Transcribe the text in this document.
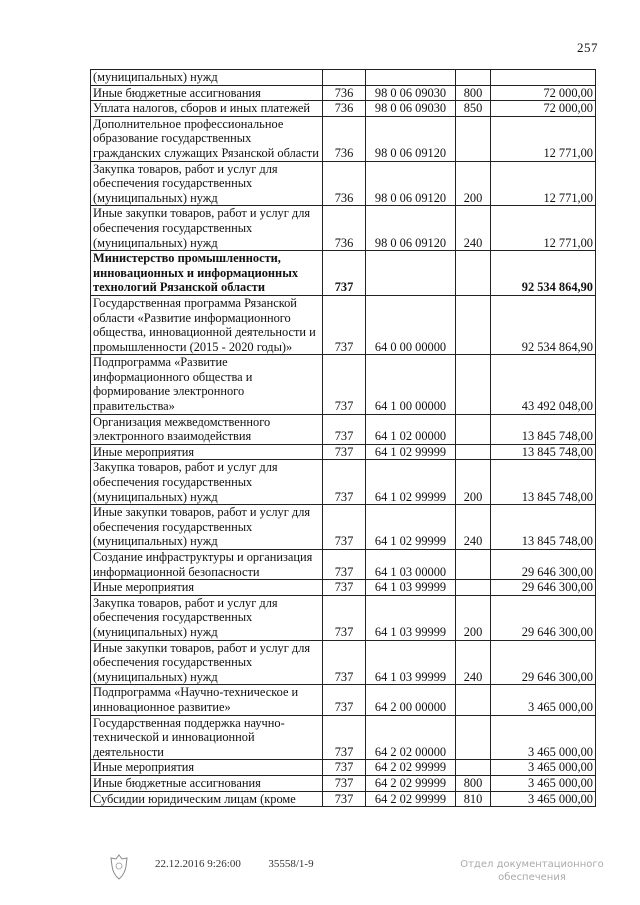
257
(муниципальных) нужд				
Иные бюджетные ассигнования	736	98 0 06 09030	800	72 000,00
Уплата налогов, сборов и иных платежей	736	98 0 06 09030	850	72 000,00
Дополнительное профессиональное образование государственных гражданских служащих Рязанской области	736	98 0 06 09120		12 771,00
Закупка товаров, работ и услуг для обеспечения государственных (муниципальных) нужд	736	98 0 06 09120	200	12 771,00
Иные закупки товаров, работ и услуг для обеспечения государственных (муниципальных) нужд	736	98 0 06 09120	240	12 771,00
Министерство промышленности, инновационных и информационных технологий Рязанской области	737			92 534 864,90
Государственная программа Рязанской области «Развитие информационного общества, инновационной деятельности и промышленности (2015 - 2020 годы)»	737	64 0 00 00000		92 534 864,90
Подпрограмма «Развитие информационного общества и формирование электронного правительства»	737	64 1 00 00000		43 492 048,00
Организация межведомственного электронного взаимодействия	737	64 1 02 00000		13 845 748,00
Иные мероприятия	737	64 1 02 99999		13 845 748,00
Закупка товаров, работ и услуг для обеспечения государственных (муниципальных) нужд	737	64 1 02 99999	200	13 845 748,00
Иные закупки товаров, работ и услуг для обеспечения государственных (муниципальных) нужд	737	64 1 02 99999	240	13 845 748,00
Создание инфраструктуры и организация информационной безопасности	737	64 1 03 00000		29 646 300,00
Иные мероприятия	737	64 1 03 99999		29 646 300,00
Закупка товаров, работ и услуг для обеспечения государственных (муниципальных) нужд	737	64 1 03 99999	200	29 646 300,00
Иные закупки товаров, работ и услуг для обеспечения государственных (муниципальных) нужд	737	64 1 03 99999	240	29 646 300,00
Подпрограмма «Научно-техническое и инновационное развитие»	737	64 2 00 00000		3 465 000,00
Государственная поддержка научно-технической и инновационной деятельности	737	64 2 02 00000		3 465 000,00
Иные мероприятия	737	64 2 02 99999		3 465 000,00
Иные бюджетные ассигнования	737	64 2 02 99999	800	3 465 000,00
Субсидии юридическим лицам (кроме	737	64 2 02 99999	810	3 465 000,00
22.12.2016 9:26:00	35558/1-9	Отдел документационного обеспечения
